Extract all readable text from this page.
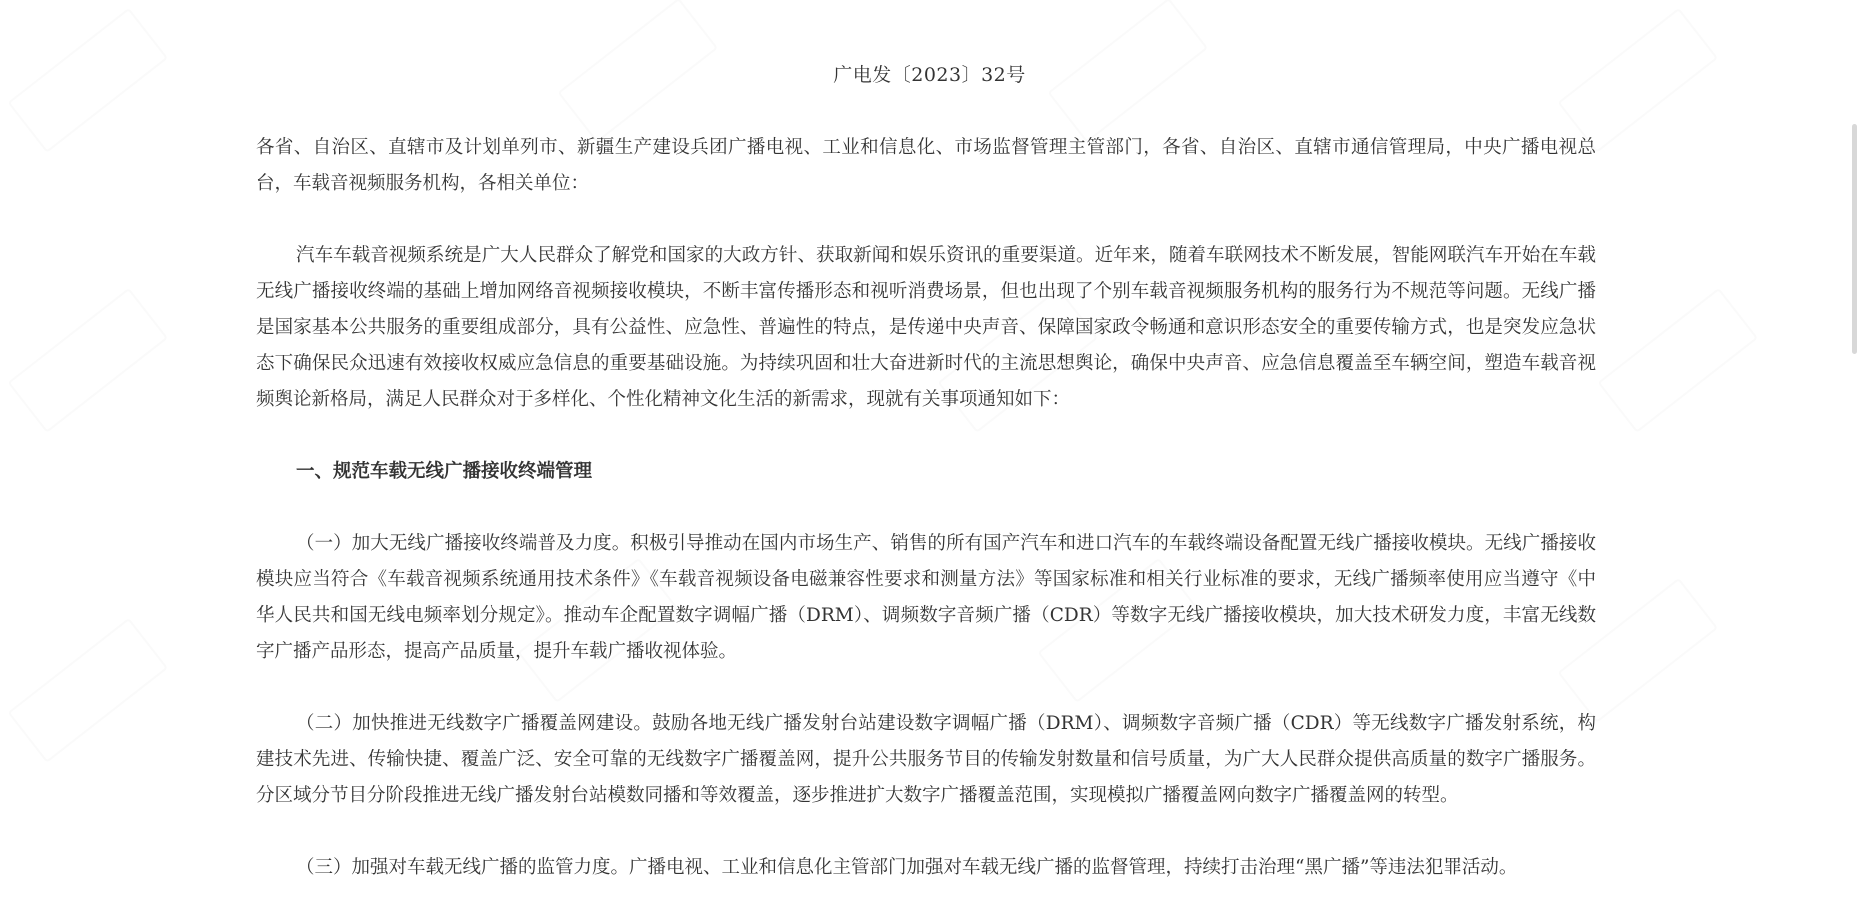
广电发〔2023〕32号

各省、自治区、直辖市及计划单列市、新疆生产建设兵团广播电视、工业和信息化、市场监督管理主管部门，各省、自治区、直辖市通信管理局，中央广播电视总台，车载音视频服务机构，各相关单位：

汽车车载音视频系统是广大人民群众了解党和国家的大政方针、获取新闻和娱乐资讯的重要渠道。近年来，随着车联网技术不断发展，智能网联汽车开始在车载无线广播接收终端的基础上增加网络音视频接收模块，不断丰富传播形态和视听消费场景，但也出现了个别车载音视频服务机构的服务行为不规范等问题。无线广播是国家基本公共服务的重要组成部分，具有公益性、应急性、普遍性的特点，是传递中央声音、保障国家政令畅通和意识形态安全的重要传输方式，也是突发应急状态下确保民众迅速有效接收权威应急信息的重要基础设施。为持续巩固和壮大奋进新时代的主流思想舆论，确保中央声音、应急信息覆盖至车辆空间，塑造车载音视频舆论新格局，满足人民群众对于多样化、个性化精神文化生活的新需求，现就有关事项通知如下：

一、规范车载无线广播接收终端管理

（一）加大无线广播接收终端普及力度。积极引导推动在国内市场生产、销售的所有国产汽车和进口汽车的车载终端设备配置无线广播接收模块。无线广播接收模块应当符合《车载音视频系统通用技术条件》《车载音视频设备电磁兼容性要求和测量方法》等国家标准和相关行业标准的要求，无线广播频率使用应当遵守《中华人民共和国无线电频率划分规定》。推动车企配置数字调幅广播（DRM）、调频数字音频广播（CDR）等数字无线广播接收模块，加大技术研发力度，丰富无线数字广播产品形态，提高产品质量，提升车载广播收视体验。

（二）加快推进无线数字广播覆盖网建设。鼓励各地无线广播发射台站建设数字调幅广播（DRM）、调频数字音频广播（CDR）等无线数字广播发射系统，构建技术先进、传输快捷、覆盖广泛、安全可靠的无线数字广播覆盖网，提升公共服务节目的传输发射数量和信号质量，为广大人民群众提供高质量的数字广播服务。分区域分节目分阶段推进无线广播发射台站模数同播和等效覆盖，逐步推进扩大数字广播覆盖范围，实现模拟广播覆盖网向数字广播覆盖网的转型。

（三）加强对车载无线广播的监管力度。广播电视、工业和信息化主管部门加强对车载无线广播的监督管理，持续打击治理“黑广播”等违法犯罪活动。
